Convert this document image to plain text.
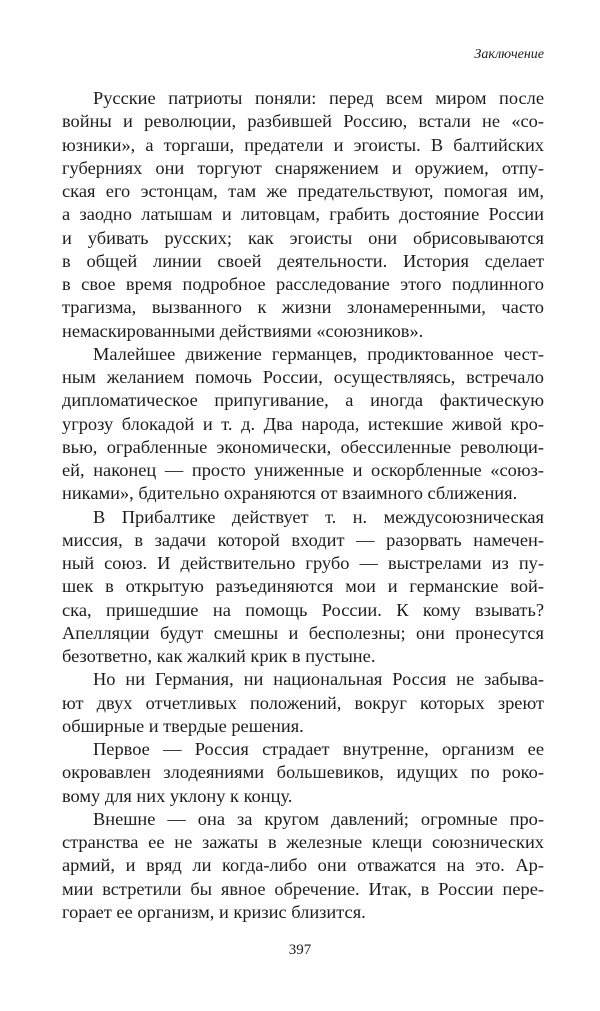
Заключение
Русские патриоты поняли: перед всем миром после
войны и революции, разбившей Россию, встали не «со-
юзники», а торгаши, предатели и эгоисты. В балтийских
губерниях они торгуют снаряжением и оружием, отпу-
ская его эстонцам, там же предательствуют, помогая им,
а заодно латышам и литовцам, грабить достояние России
и убивать русских; как эгоисты они обрисовываются
в общей линии своей деятельности. История сделает
в свое время подробное расследование этого подлинного
трагизма, вызванного к жизни злонамеренными, часто
немаскированными действиями «союзников».
Малейшее движение германцев, продиктованное чест-
ным желанием помочь России, осуществляясь, встречало
дипломатическое припугивание, а иногда фактическую
угрозу блокадой и т. д. Два народа, истекшие живой кро-
вью, ограбленные экономически, обессиленные революци-
ей, наконец — просто униженные и оскорбленные «союз-
никами», бдительно охраняются от взаимного сближения.
В Прибалтике действует т. н. междусоюзническая
миссия, в задачи которой входит — разорвать намечен-
ный союз. И действительно грубо — выстрелами из пу-
шек в открытую разъединяются мои и германские вой-
ска, пришедшие на помощь России. К кому взывать?
Апелляции будут смешны и бесполезны; они пронесутся
безответно, как жалкий крик в пустыне.
Но ни Германия, ни национальная Россия не забыва-
ют двух отчетливых положений, вокруг которых зреют
обширные и твердые решения.
Первое — Россия страдает внутренне, организм ее
окровавлен злодеяниями большевиков, идущих по роко-
вому для них уклону к концу.
Внешне — она за кругом давлений; огромные про-
странства ее не зажаты в железные клещи союзнических
армий, и вряд ли когда-либо они отважатся на это. Ар-
мии встретили бы явное обречение. Итак, в России пере-
горает ее организм, и кризис близится.
397
